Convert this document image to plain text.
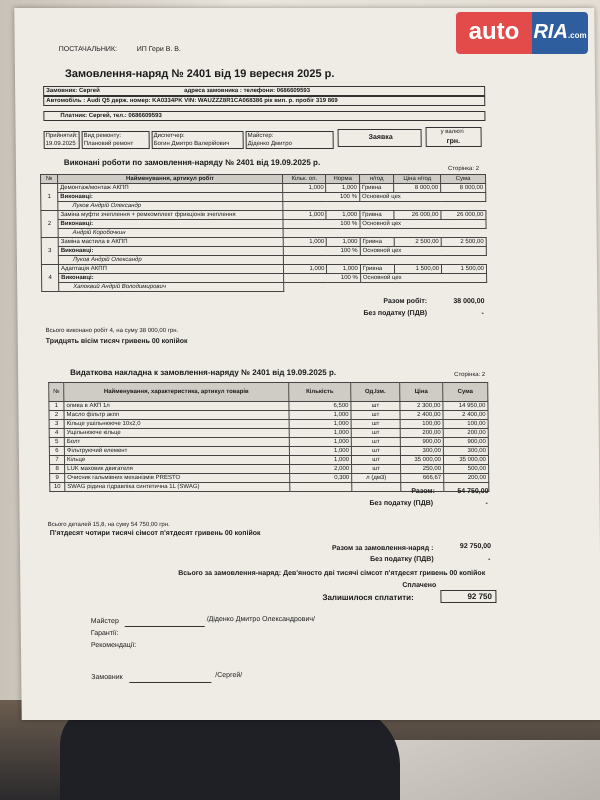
ПОСТАЧАЛЬНИК:	ИП Гери В. В.
Замовлення-наряд № 2401 від 19 вересня 2025 р.
Замовник: Сергей	адреса замовника : телефони: 0686609593
Автомобіль : Audi Q5 держ. номер: KA0334PK VIN: WAUZZZ8R1CA068386 рік вип. р. пробіг 319 869
Платник: Сергей, тел.: 0686609593
Прийнятий:
19.09.2025
Вид ремонту:
Плановий ремонт
Диспетчер:
Богин Дмитро Валерійович
Майстер:
Діденко Дмитро
Заявка
у валюті
грн.
Виконані роботи по замовлення-наряду № 2401 від 19.09.2025 р.
Сторінка: 2
№	Найменування, артикул робіт	Кільк. оп.	Норма	н/год	Ціна н/год	Сума
1	Демонтаж/монтаж АКПП	1,000	1,000	Гривна	8 000,00	8 000,00
	Виконавці:	100 %		Основной цех		
	Луков Андрій Олександр					
2	Заміна муфти зчеплення + ремкомплект фрикціонів зчеплення	1,000	1,000	Гривна	26 000,00	26 000,00
	Виконавці:	100 %		Основной цех		
	Андрій Коробочкин					
3	Заміна мастила в АКПП	1,000	1,000	Гривна	2 500,00	2 500,00
	Виконавці:	100 %		Основной цех		
	Луков Андрій Олександр					
4	Адаптація АКПП	1,000	1,000	Гривна	1 500,00	1 500,00
	Виконавці:	100 %		Основной цех		
	Хапоквий Андрій Володимирович					
Разом робіт:	38 000,00
Без податку (ПДВ)	-
Всього виконано робіт 4, на суму 38 000,00 грн.
Тридцять вісім тисяч гривень 00 копійок
Видаткова накладна к замовлення-наряду № 2401 від 19.09.2025 р.	Сторінка: 2
№	Найменування, характеристика, артикул товарів	Кількість	Од.Ізм.	Ціна	Сума
1	олива в АКП 1л	6,500	шт	2 300,00	14 950,00
2	Масло фільтр акпп	1,000	шт	2 400,00	2 400,00
3	Кільце ушільнююче 10x2,0	1,000	шт	100,00	100,00
4	Ущільнююче кільце	1,000	шт	200,00	200,00
5	Болт	1,000	шт	900,00	900,00
6	Фільтруючий елемент	1,000	шт	300,00	300,00
7	Кільце	1,000	шт	35 000,00	35 000,00
8	LUK маховик двигателя	2,000	шт	250,00	500,00
9	Очисник гальмівних механізмів PRESTO	0,300	л (дм3)	666,67	200,00
10	SWAG рідина гідравліка синтетична 1L (SWAG)				
Разом:	54 750,00
Без податку (ПДВ)	-
Всього деталей 15,8, на суму 54 750,00 грн.
П'ятдесят чотири тисячі сімсот п'ятдесят гривень 00 копійок
Разом за замовлення-наряд :	92 750,00
Без податку (ПДВ)	-
Всього за замовлення-наряд: Дев'яносто дві тисячі сімсот п'ятдесят гривень 00 копійок
Сплачено
Залишилося сплатити:	92 750
Майстер	/Діденко Дмитро Олександрович/
Гарантії:
Рекомендації:
Замовник	/Сергей/
auto RIA.com
